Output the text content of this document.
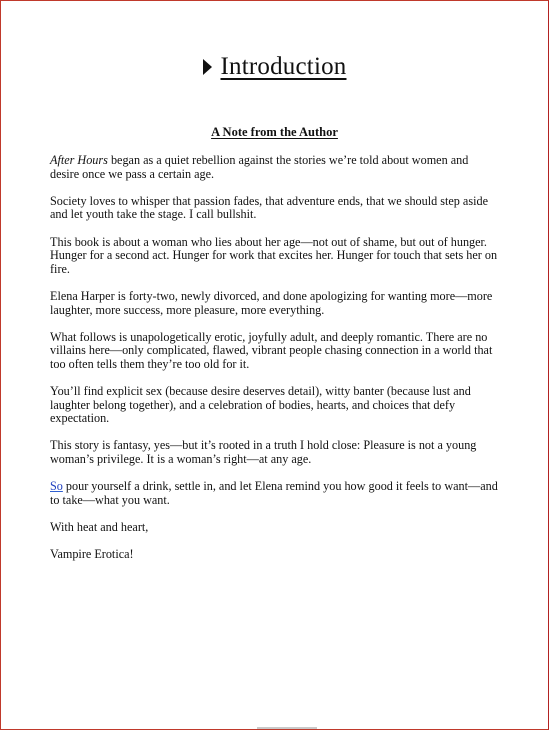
Introduction
A Note from the Author

After Hours began as a quiet rebellion against the stories we’re told about women and desire once we pass a certain age.

Society loves to whisper that passion fades, that adventure ends, that we should step aside and let youth take the stage. I call bullshit.

This book is about a woman who lies about her age—not out of shame, but out of hunger. Hunger for a second act. Hunger for work that excites her. Hunger for touch that sets her on fire.

Elena Harper is forty-two, newly divorced, and done apologizing for wanting more—more laughter, more success, more pleasure, more everything.

What follows is unapologetically erotic, joyfully adult, and deeply romantic. There are no villains here—only complicated, flawed, vibrant people chasing connection in a world that too often tells them they’re too old for it.

You’ll find explicit sex (because desire deserves detail), witty banter (because lust and laughter belong together), and a celebration of bodies, hearts, and choices that defy expectation.

This story is fantasy, yes—but it’s rooted in a truth I hold close: Pleasure is not a young woman’s privilege. It is a woman’s right—at any age.

So pour yourself a drink, settle in, and let Elena remind you how good it feels to want—and to take—what you want.

With heat and heart,

Vampire Erotica!
